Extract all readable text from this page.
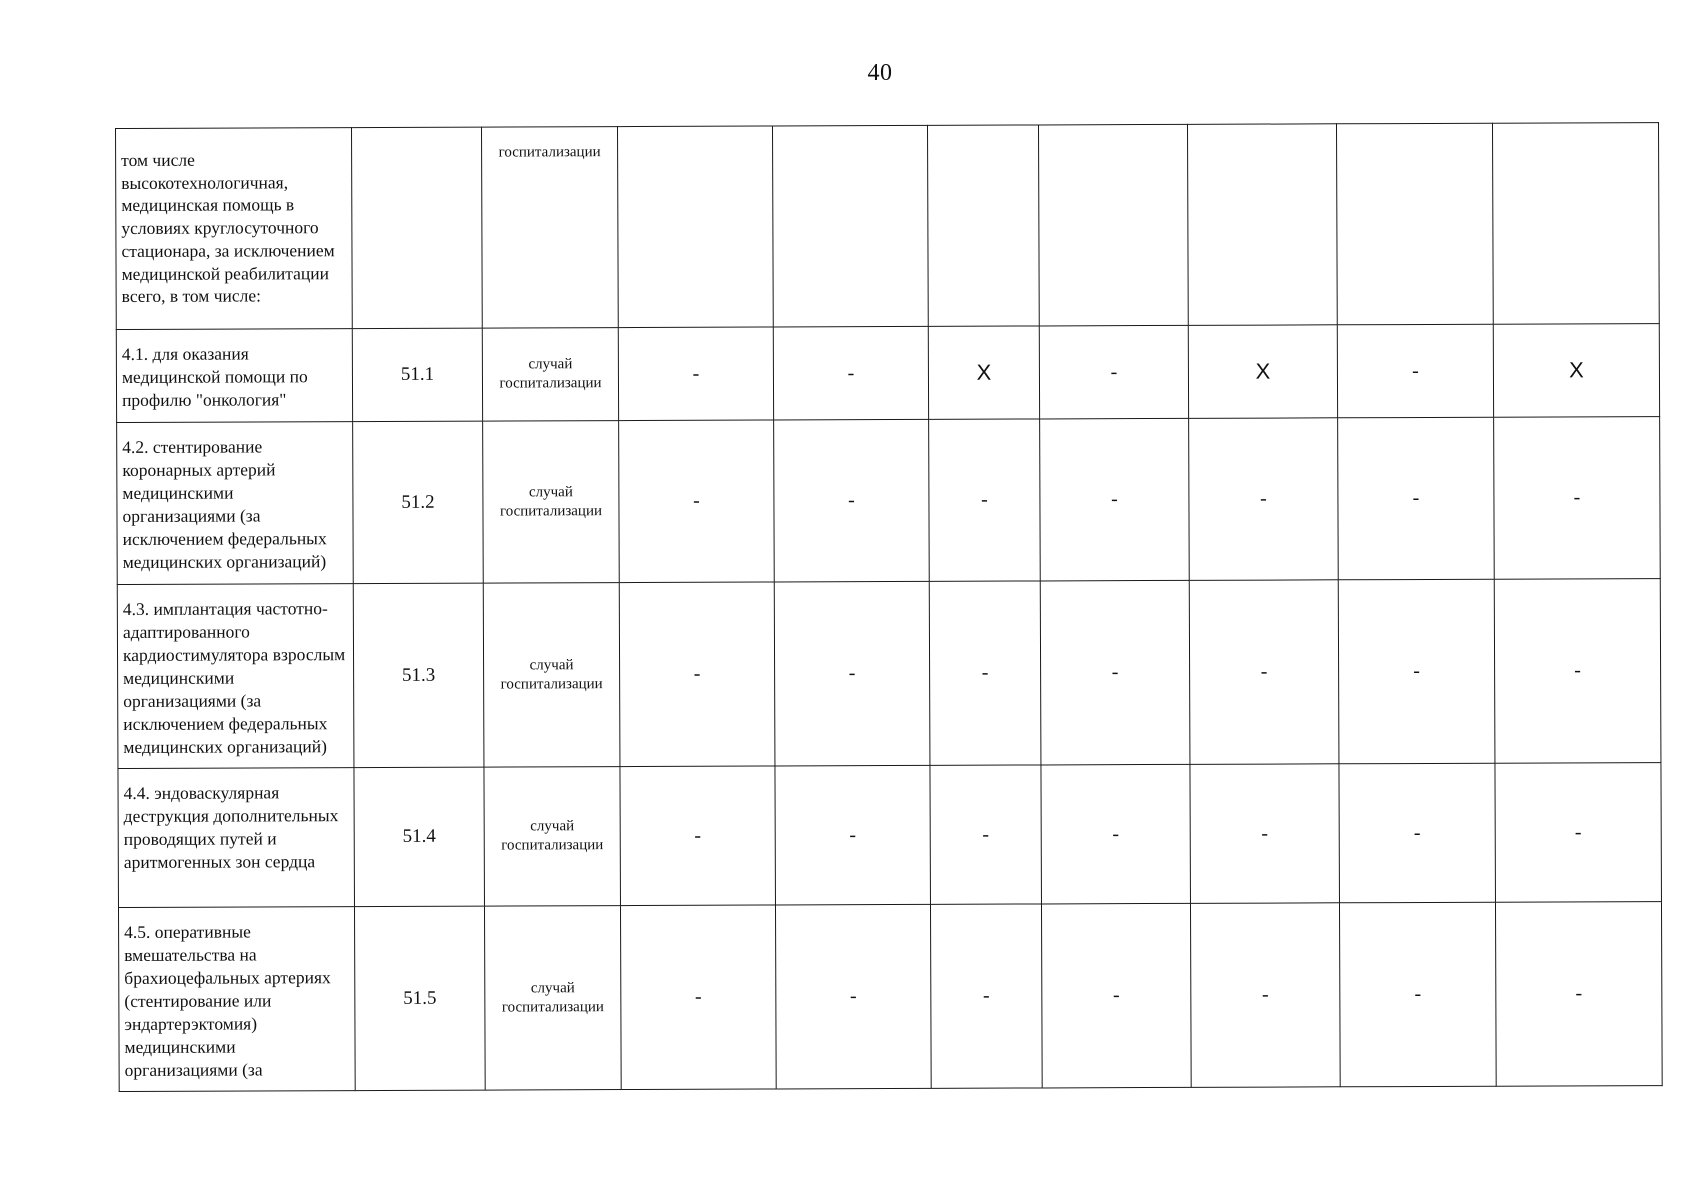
40
том числе высокотехнологичная, медицинская помощь в условиях круглосуточного стационара, за исключением медицинской реабилитации всего, в том числе:		госпитализации							
4.1. для оказания медицинской помощи по профилю "онкология"	51.1	случай госпитализации	-	-	X	-	X	-	X
4.2. стентирование коронарных артерий медицинскими организациями (за исключением федеральных медицинских организаций)	51.2	случай госпитализации	-	-	-	-	-	-	-
4.3. имплантация частотно-адаптированного кардиостимулятора взрослым медицинскими организациями (за исключением федеральных медицинских организаций)	51.3	случай госпитализации	-	-	-	-	-	-	-
4.4. эндоваскулярная деструкция дополнительных проводящих путей и аритмогенных зон сердца	51.4	случай госпитализации	-	-	-	-	-	-	-
4.5. оперативные вмешательства на брахиоцефальных артериях (стентирование или эндартерэктомия) медицинскими организациями (за	51.5	случай госпитализации	-	-	-	-	-	-	-
